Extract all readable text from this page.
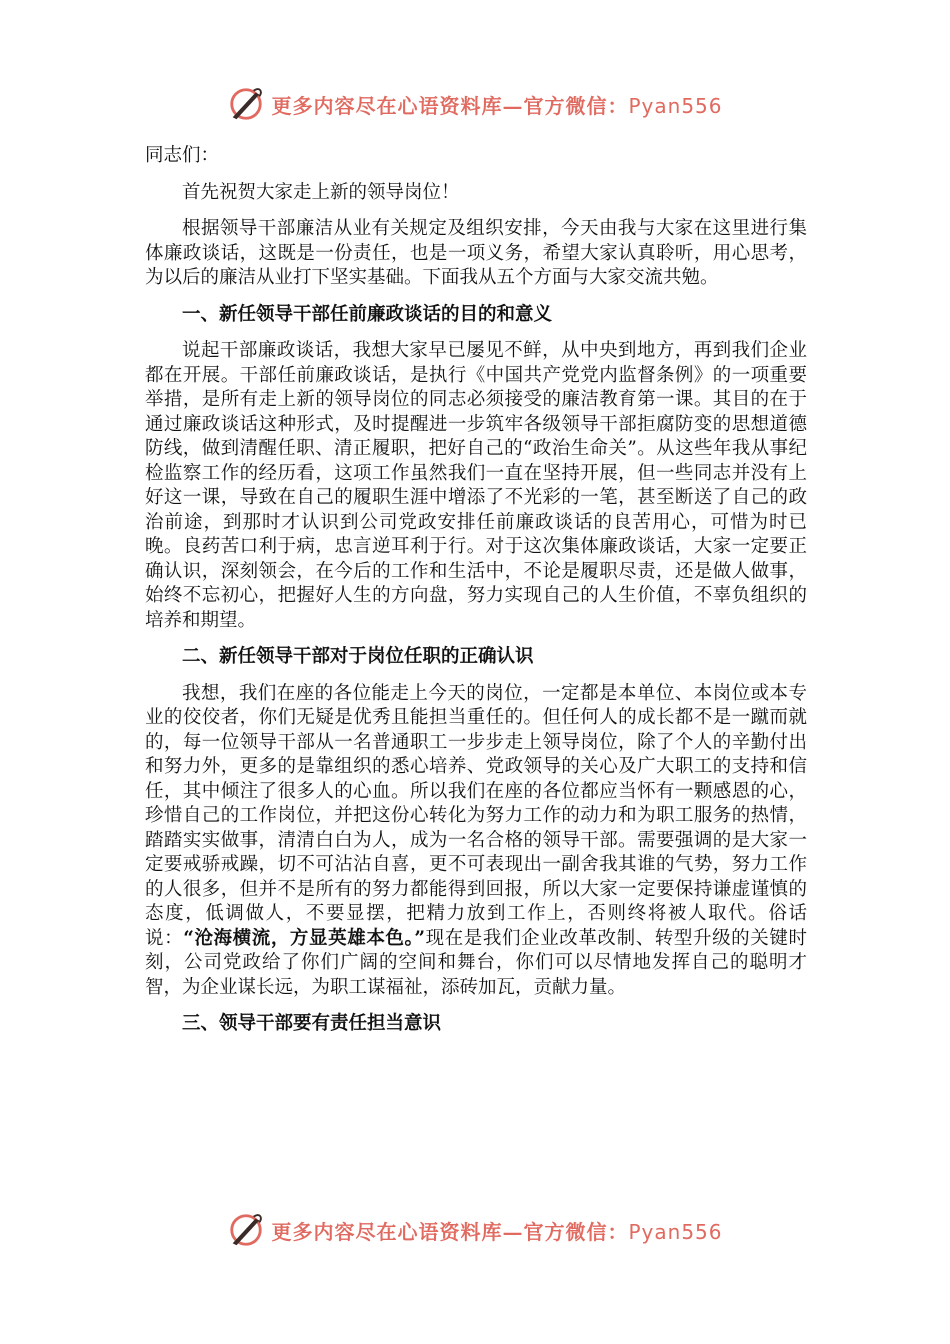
更多内容尽在心语资料库—官方微信：Pyan556

同志们：

首先祝贺大家走上新的领导岗位！

根据领导干部廉洁从业有关规定及组织安排，今天由我与大家在这里进行集体廉政谈话，这既是一份责任，也是一项义务，希望大家认真聆听，用心思考，为以后的廉洁从业打下坚实基础。下面我从五个方面与大家交流共勉。

一、新任领导干部任前廉政谈话的目的和意义

说起干部廉政谈话，我想大家早已屡见不鲜，从中央到地方，再到我们企业都在开展。干部任前廉政谈话，是执行《中国共产党党内监督条例》的一项重要举措，是所有走上新的领导岗位的同志必须接受的廉洁教育第一课。其目的在于通过廉政谈话这种形式，及时提醒进一步筑牢各级领导干部拒腐防变的思想道德防线，做到清醒任职、清正履职，把好自己的“政治生命关”。从这些年我从事纪检监察工作的经历看，这项工作虽然我们一直在坚持开展，但一些同志并没有上好这一课，导致在自己的履职生涯中增添了不光彩的一笔，甚至断送了自己的政治前途，到那时才认识到公司党政安排任前廉政谈话的良苦用心，可惜为时已晚。良药苦口利于病，忠言逆耳利于行。对于这次集体廉政谈话，大家一定要正确认识，深刻领会，在今后的工作和生活中，不论是履职尽责，还是做人做事，始终不忘初心，把握好人生的方向盘，努力实现自己的人生价值，不辜负组织的培养和期望。

二、新任领导干部对于岗位任职的正确认识

我想，我们在座的各位能走上今天的岗位，一定都是本单位、本岗位或本专业的佼佼者，你们无疑是优秀且能担当重任的。但任何人的成长都不是一蹴而就的，每一位领导干部从一名普通职工一步步走上领导岗位，除了个人的辛勤付出和努力外，更多的是靠组织的悉心培养、党政领导的关心及广大职工的支持和信任，其中倾注了很多人的心血。所以我们在座的各位都应当怀有一颗感恩的心，珍惜自己的工作岗位，并把这份心转化为努力工作的动力和为职工服务的热情，踏踏实实做事，清清白白为人，成为一名合格的领导干部。需要强调的是大家一定要戒骄戒躁，切不可沾沾自喜，更不可表现出一副舍我其谁的气势，努力工作的人很多，但并不是所有的努力都能得到回报，所以大家一定要保持谦虚谨慎的态度，低调做人，不要显摆，把精力放到工作上，否则终将被人取代。俗话说：“沧海横流，方显英雄本色。”现在是我们企业改革改制、转型升级的关键时刻，公司党政给了你们广阔的空间和舞台，你们可以尽情地发挥自己的聪明才智，为企业谋长远，为职工谋福祉，添砖加瓦，贡献力量。

三、领导干部要有责任担当意识
更多内容尽在心语资料库—官方微信：Pyan556
